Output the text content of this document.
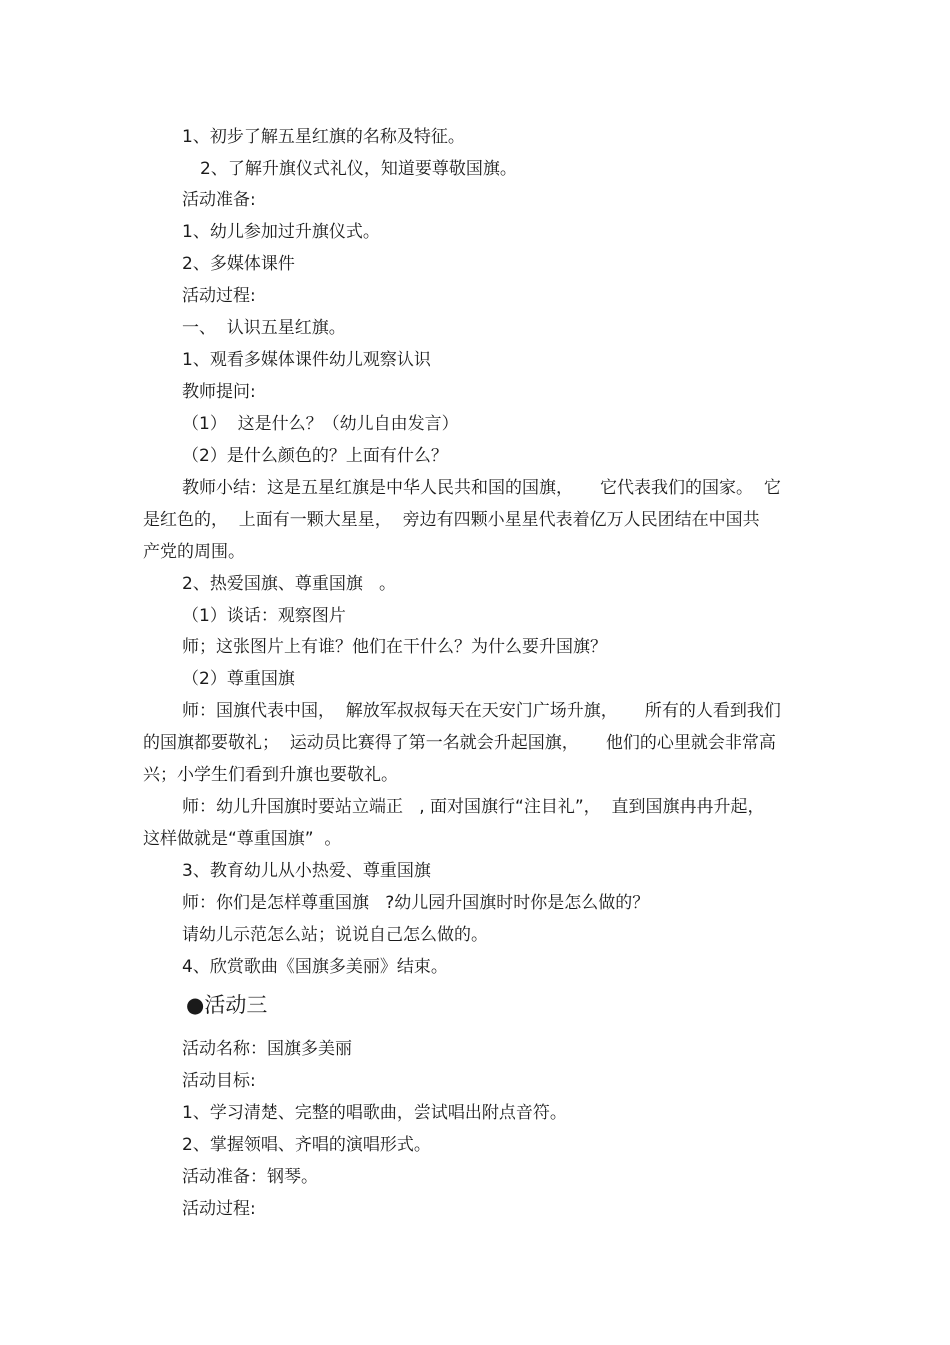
1、初步了解五星红旗的名称及特征。
2、了解升旗仪式礼仪，知道要尊敬国旗。
活动准备:
1、幼儿参加过升旗仪式。
2、多媒体课件
活动过程:
一、  认识五星红旗。
1、观看多媒体课件幼儿观察认识
教师提问:
（1）  这是什么？（幼儿自由发言）
（2）是什么颜色的？上面有什么？
教师小结：这是五星红旗是中华人民共和国的国旗，     它代表我们的国家。  它
是红色的，  上面有一颗大星星，  旁边有四颗小星星代表着亿万人民团结在中国共
产党的周围。
2、热爱国旗、尊重国旗   。
（1）谈话：观察图片
师；这张图片上有谁？他们在干什么？为什么要升国旗？
（2）尊重国旗
师：国旗代表中国，  解放军叔叔每天在天安门广场升旗，     所有的人看到我们
的国旗都要敬礼；  运动员比赛得了第一名就会升起国旗，     他们的心里就会非常高
兴；小学生们看到升旗也要敬礼。
师：幼儿升国旗时要站立端正   , 面对国旗行“注目礼”，  直到国旗冉冉升起，
这样做就是“尊重国旗”  。
3、教育幼儿从小热爱、尊重国旗
师：你们是怎样尊重国旗   ?幼儿园升国旗时时你是怎么做的？
请幼儿示范怎么站；说说自己怎么做的。
4、欣赏歌曲《国旗多美丽》结束。
●活动三
活动名称：国旗多美丽
活动目标:
1、学习清楚、完整的唱歌曲，尝试唱出附点音符。
2、掌握领唱、齐唱的演唱形式。
活动准备：钢琴。
活动过程:
